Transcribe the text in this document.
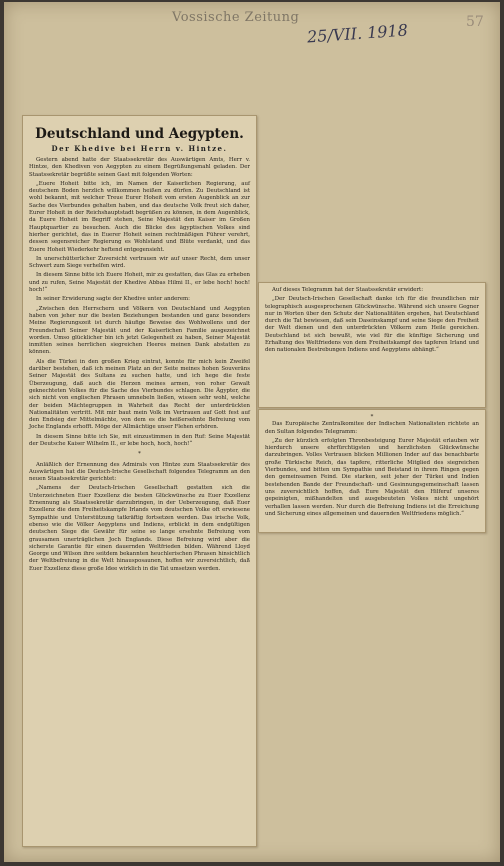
Vossische Zeitung
25/VII. 1918	57
Deutschland und Aegypten.
Der Khedive bei Herrn v. Hintze.

Gestern abend hatte der Staatssekretär des Auswärtigen Amts, Herr v. Hintze, den Khediven von Aegypten zu einem Begrüßungsmahl geladen. Der Staatssekretär begrüßte seinen Gast mit folgenden Worten:

„Euere Hoheit bitte ich, im Namen der Kaiserlichen Regierung, auf deutschem Boden herzlich willkommen heißen zu dürfen. Zu Deutschland ist wohl bekannt, mit welcher Treue Eurer Hoheit vom ersten Augenblick an zur Sache des Vierbundes gehalten haben, und das deutsche Volk freut sich daher, Eurer Hoheit in der Reichshauptstadt begrüßen zu können, in dem Augenblick, da Euere Hoheit im Begriff stehen, Seine Majestät den Kaiser im Großen Hauptquartier zu besuchen. Auch die Blicke des ägyptischen Volkes sind hierher gerichtet, das in Euerer Hoheit seinen rechtmäßigen Führer verehrt, dessen segensreicher Regierung es Wohlstand und Blüte verdankt, und das Euere Hoheit Wiederkehr heftend entgegensieht.

In unerschütterlicher Zuversicht vertrauen wir auf unser Recht, dem unser Schwert zum Siege verhelfen wird.

In diesem Sinne bitte ich Euere Hoheit, mir zu gestatten, das Glas zu erheben und zu rufen, Seine Majestät der Khedive Abbas Hilmi II., er lebe hoch! hoch! hoch!“

In seiner Erwiderung sagte der Khedive unter anderem:

„Zwischen den Herrschern und Völkern von Deutschland und Aegypten haben von jeher nur die besten Beziehungen bestanden und ganz besonders Meine Regierungszeit ist durch häufige Beweise des Wohlwollens und der Freundschaft Seiner Majestät und der Kaiserlichen Familie ausgezeichnet worden. Umso glücklicher bin ich jetzt Gelegenheit zu haben, Seiner Majestät inmitten seines herrlichen siegreichen Heeres meinen Dank abstatten zu können.

Als die Türkei in den großen Krieg eintrat, konnte für mich kein Zweifel darüber bestehen, daß ich meinen Platz an der Seite meines hohen Souveräns Seiner Majestät des Sultans zu suchen hatte, und ich hege die feste Überzeugung, daß auch die Herzen meines armen, von roher Gewalt geknechteten Volkes für die Sache des Vierbundes schlagen. Die Ägypter, die sich nicht von englischen Phrasen umnebeln ließen, wissen sehr wohl, welche der beiden Mächtegruppen in Wahrheit das Recht der unterdrückten Nationalitäten vertritt. Mit mir baut mein Volk im Vertrauen auf Gott fest auf den Endsieg der Mittelmächte, von dem es die heißersehnte Befreiung vom Joche Englands erhofft. Möge der Allmächtige unser Flehen erhören.

In diesem Sinne bitte ich Sie, mit einzustimmen in den Ruf: Seine Majestät der Deutsche Kaiser Wilhelm II., er lebe hoch, hoch, hoch!“

*

Anläßlich der Ernennung des Admirals von Hintze zum Staatssekretär des Auswärtigen hat die Deutsch-Irische Gesellschaft folgendes Telegramm an den neuen Staatssekretär gerichtet:

„Namens der Deutsch-Irischen Gesellschaft gestatten sich die Unterzeichneten Euer Exzellenz die besten Glückwünsche zu Euer Exzellenz Ernennung als Staatssekretär darzubringen, in der Ueberzeugung, daß Euer Exzellenz die dem Freiheitskampfe Irlands vom deutschen Volke oft erwiesene Sympathie und Unterstützung tatkräftig fortsetzen werden. Das irische Volk, ebenso wie die Völker Aegyptens und Indiens, erblickt in dem endgültigen deutschen Siege die Gewähr für seine so lange ersehnte Befreiung vom grausamen unerträglichen Joch Englands. Diese Befreiung wird aber die sicherste Garantie für einen dauernden Weltfrieden bilden. Während Lloyd George und Wilson ihre seitdem bekannten heuchlerischen Phrasen hinsichtlich der Weltbefreiung in die Welt hinausposaunen, hoffen wir zuversichtlich, daß Euer Exzellenz diese große Idee wirklich in die Tat umsetzen werden.

Auf dieses Telegramm hat der Staatssekretär erwidert:

„Der Deutsch-Irischen Gesellschaft danke ich für die freundlichen mir telegraphisch ausgesprochenen Glückwünsche. Während sich unsere Gegner nur in Worten über den Schutz der Nationalitäten ergehen, hat Deutschland durch die Tat bewiesen, daß sein Daseinskampf und seine Siege den Freiheit der Welt dienen und den unterdrückten Völkern zum Heile gereichen. Deutschland ist sich bewußt, wie viel für die künftige Sicherung und Erhaltung des Weltfriedens von dem Freiheitskampf des tapferen Irland und den nationalen Bestrebungen Indiens und Aegyptens abhängt.“

*

Das Europäische Zentralkomitee der Indischen Nationalisten richtete an den Sultan folgendes Telegramm:

„Zu der kürzlich erfolgten Thronbesteigung Eurer Majestät erlauben wir hierdurch unsere ehrfürchtigsten und herzlichsten Glückwünsche darzubringen. Volles Vertrauen blicken Millionen Inder auf das benachbarte große Türkische Reich, das tapfere, ritterliche Mitglied des siegreichen Vierbundes, und bitten um Sympathie und Beistand in ihrem Ringen gegen den gemeinsamen Feind. Die starken, seit jeher der Türkei und Indien bestehenden Bande der Freundschaft- und Gesinnungsgemeinschaft lassen uns zuversichtlich hoffen, daß Eure Majestät den Hilferuf unseres gepeinigten, mißhandelten und ausgebeuteten Volkes nicht ungehört verhallen lassen werden. Nur durch die Befreiung Indiens ist die Erreichung und Sicherung eines allgemeinen und dauernden Weltfriedens möglich.“
